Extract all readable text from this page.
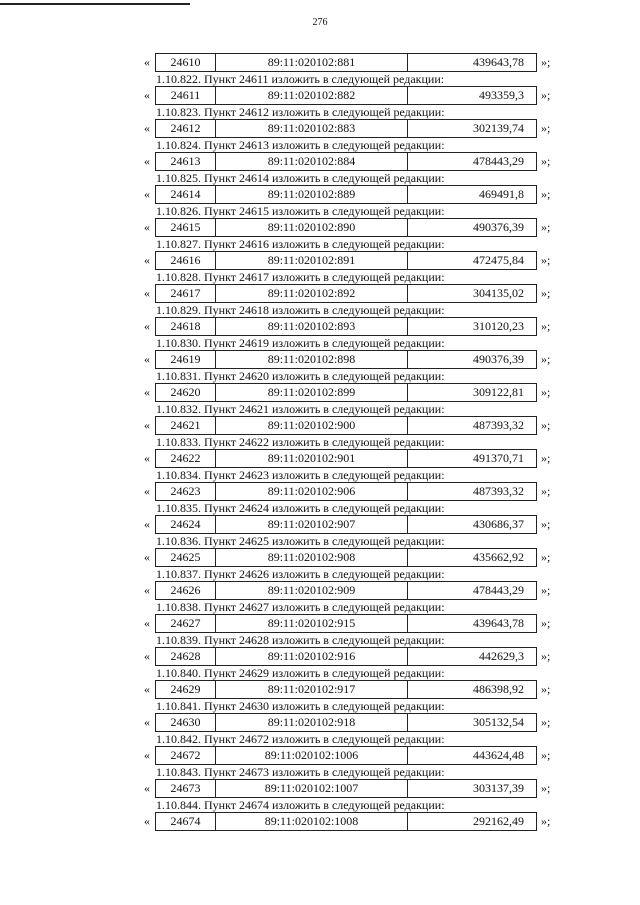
276
«	24610	89:11:020102:881	439643,78	»;
1.10.822. Пункт 24611 изложить в следующей редакции:
«	24611	89:11:020102:882	493359,3	»;
1.10.823. Пункт 24612 изложить в следующей редакции:
«	24612	89:11:020102:883	302139,74	»;
1.10.824. Пункт 24613 изложить в следующей редакции:
«	24613	89:11:020102:884	478443,29	»;
1.10.825. Пункт 24614 изложить в следующей редакции:
«	24614	89:11:020102:889	469491,8	»;
1.10.826. Пункт 24615 изложить в следующей редакции:
«	24615	89:11:020102:890	490376,39	»;
1.10.827. Пункт 24616 изложить в следующей редакции:
«	24616	89:11:020102:891	472475,84	»;
1.10.828. Пункт 24617 изложить в следующей редакции:
«	24617	89:11:020102:892	304135,02	»;
1.10.829. Пункт 24618 изложить в следующей редакции:
«	24618	89:11:020102:893	310120,23	»;
1.10.830. Пункт 24619 изложить в следующей редакции:
«	24619	89:11:020102:898	490376,39	»;
1.10.831. Пункт 24620 изложить в следующей редакции:
«	24620	89:11:020102:899	309122,81	»;
1.10.832. Пункт 24621 изложить в следующей редакции:
«	24621	89:11:020102:900	487393,32	»;
1.10.833. Пункт 24622 изложить в следующей редакции:
«	24622	89:11:020102:901	491370,71	»;
1.10.834. Пункт 24623 изложить в следующей редакции:
«	24623	89:11:020102:906	487393,32	»;
1.10.835. Пункт 24624 изложить в следующей редакции:
«	24624	89:11:020102:907	430686,37	»;
1.10.836. Пункт 24625 изложить в следующей редакции:
«	24625	89:11:020102:908	435662,92	»;
1.10.837. Пункт 24626 изложить в следующей редакции:
«	24626	89:11:020102:909	478443,29	»;
1.10.838. Пункт 24627 изложить в следующей редакции:
«	24627	89:11:020102:915	439643,78	»;
1.10.839. Пункт 24628 изложить в следующей редакции:
«	24628	89:11:020102:916	442629,3	»;
1.10.840. Пункт 24629 изложить в следующей редакции:
«	24629	89:11:020102:917	486398,92	»;
1.10.841. Пункт 24630 изложить в следующей редакции:
«	24630	89:11:020102:918	305132,54	»;
1.10.842. Пункт 24672 изложить в следующей редакции:
«	24672	89:11:020102:1006	443624,48	»;
1.10.843. Пункт 24673 изложить в следующей редакции:
«	24673	89:11:020102:1007	303137,39	»;
1.10.844. Пункт 24674 изложить в следующей редакции:
«	24674	89:11:020102:1008	292162,49	»;
